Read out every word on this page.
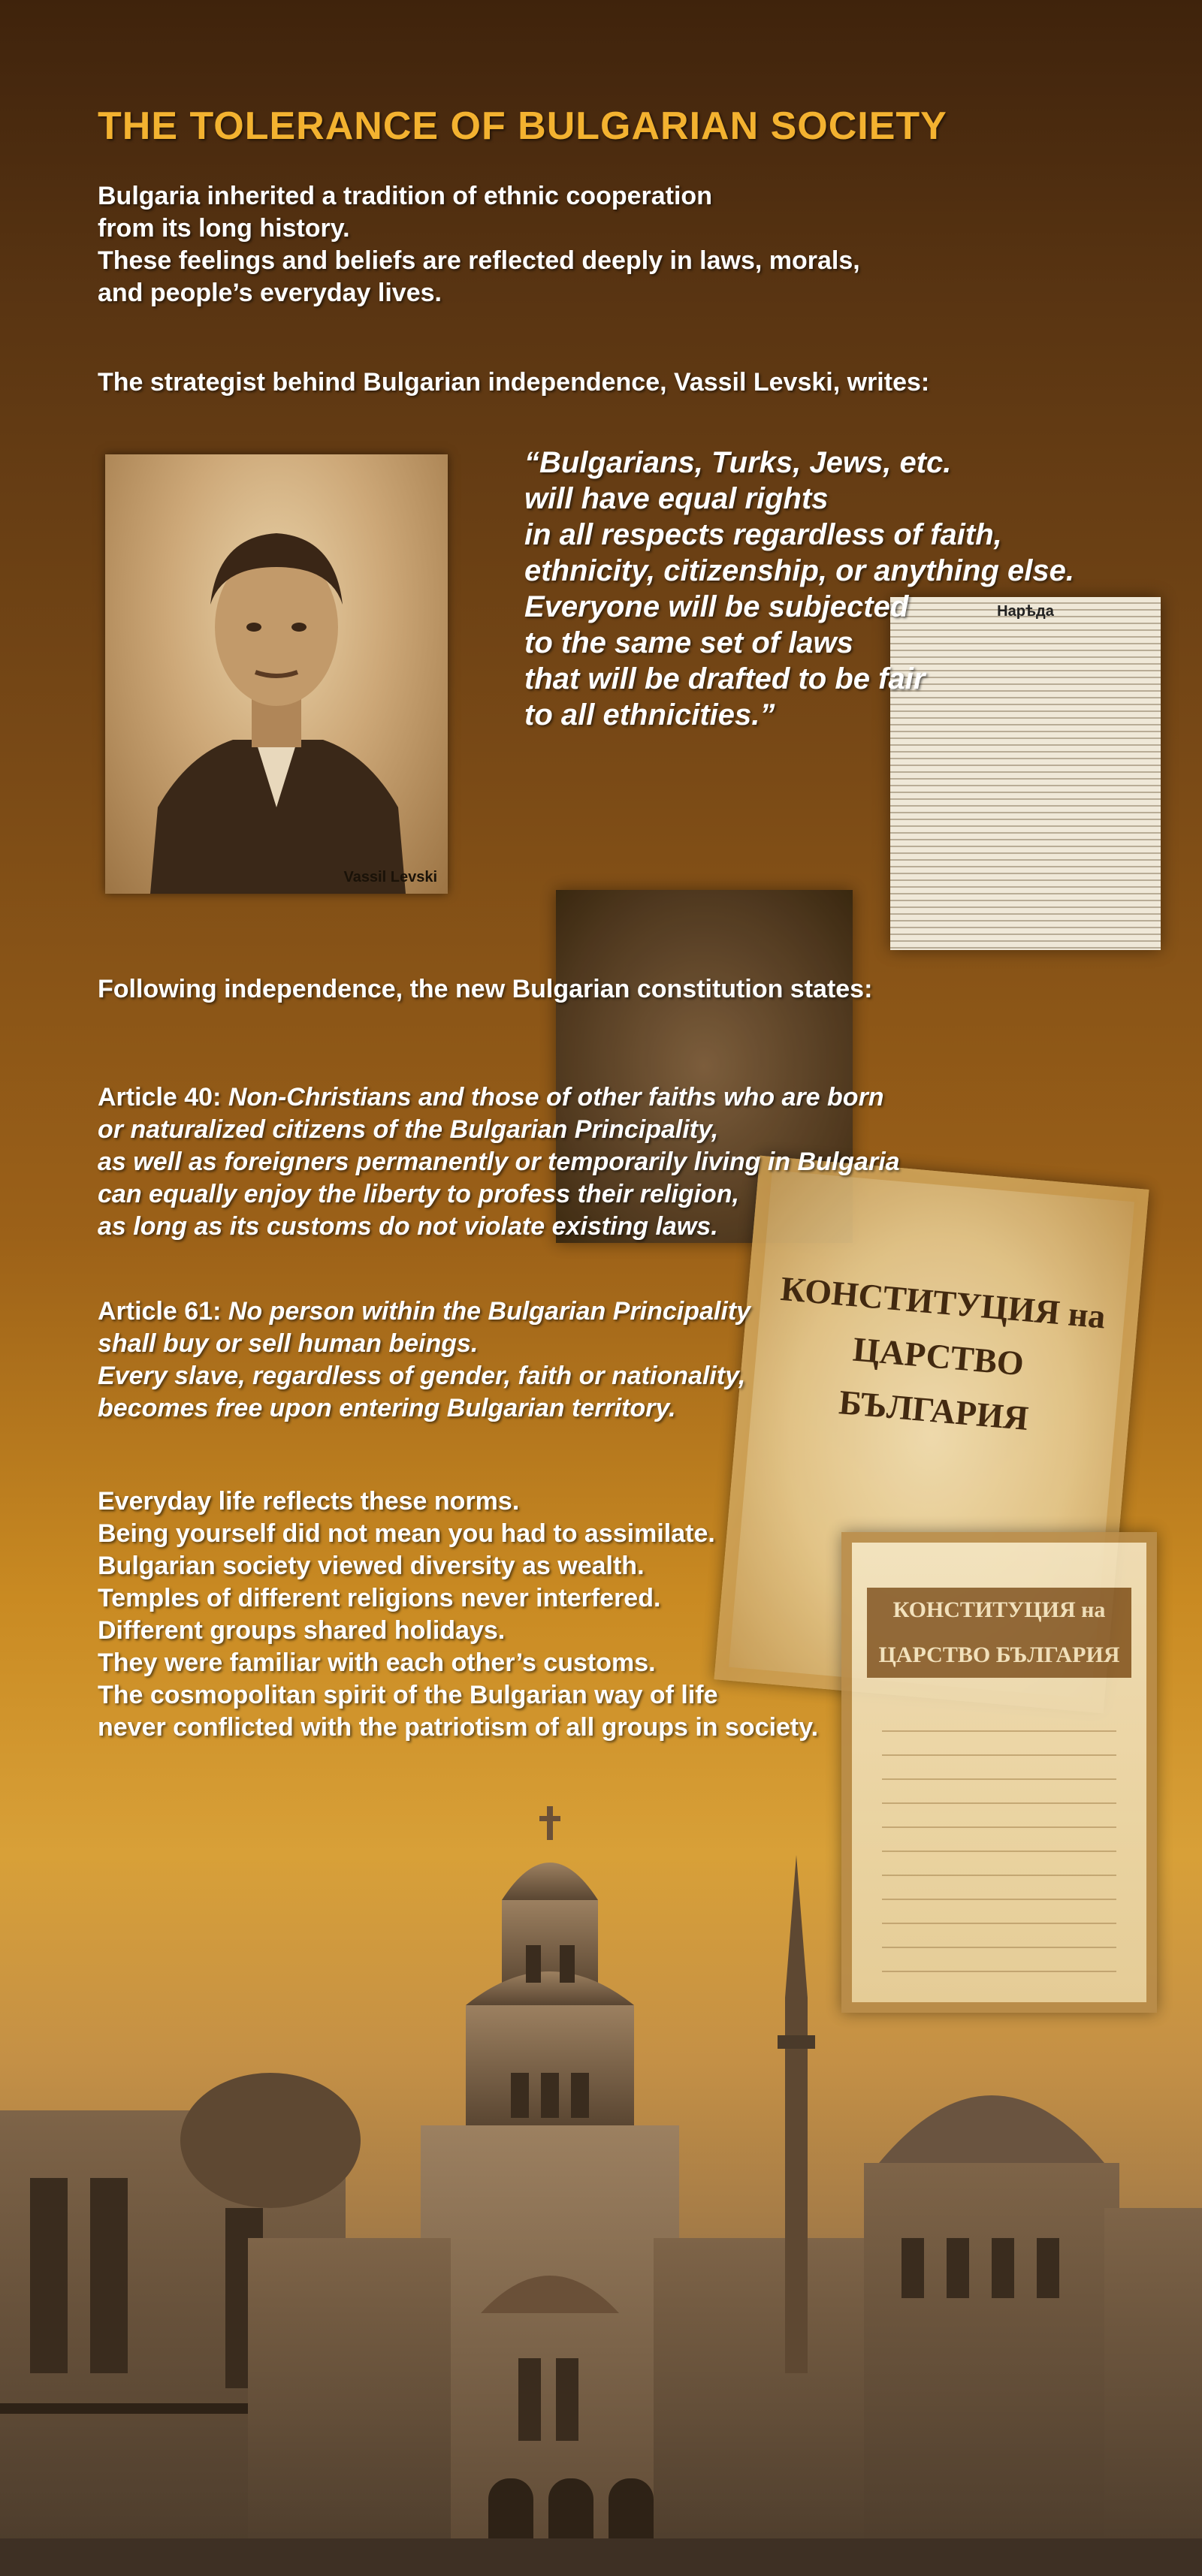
THE TOLERANCE OF BULGARIAN SOCIETY
Bulgaria inherited a tradition of ethnic cooperation
from its long history.
These feelings and beliefs are reflected deeply in laws, morals,
and people’s everyday lives.
The strategist behind Bulgarian independence, Vassil Levski, writes:
Vassil Levski
Нарѣда
КОНСТИТУЦИЯ на ЦАРСТВО БЪЛГАРИЯ
КОНСТИТУЦИЯ на ЦАРСТВО БЪЛГАРИЯ
“Bulgarians, Turks, Jews, etc.
will have equal rights
in all respects regardless of faith,
ethnicity, citizenship, or anything else.
Everyone will be subjected
to the same set of laws
that will be drafted to be fair
to all ethnicities.”
Following independence, the new Bulgarian constitution states:
Article 40: Non-Christians and those of other faiths who are born
or naturalized citizens of the Bulgarian Principality,
as well as foreigners permanently or temporarily living in Bulgaria
can equally enjoy the liberty to profess their religion,
as long as its customs do not violate existing laws.
Article 61: No person within the Bulgarian Principality
shall buy or sell human beings.
Every slave, regardless of gender, faith or nationality,
becomes free upon entering Bulgarian territory.
Everyday life reflects these norms.
Being yourself did not mean you had to assimilate.
Bulgarian society viewed diversity as wealth.
Temples of different religions never interfered.
Different groups shared holidays.
They were familiar with each other’s customs.
The cosmopolitan spirit of the Bulgarian way of life
never conflicted with the patriotism of all groups in society.
